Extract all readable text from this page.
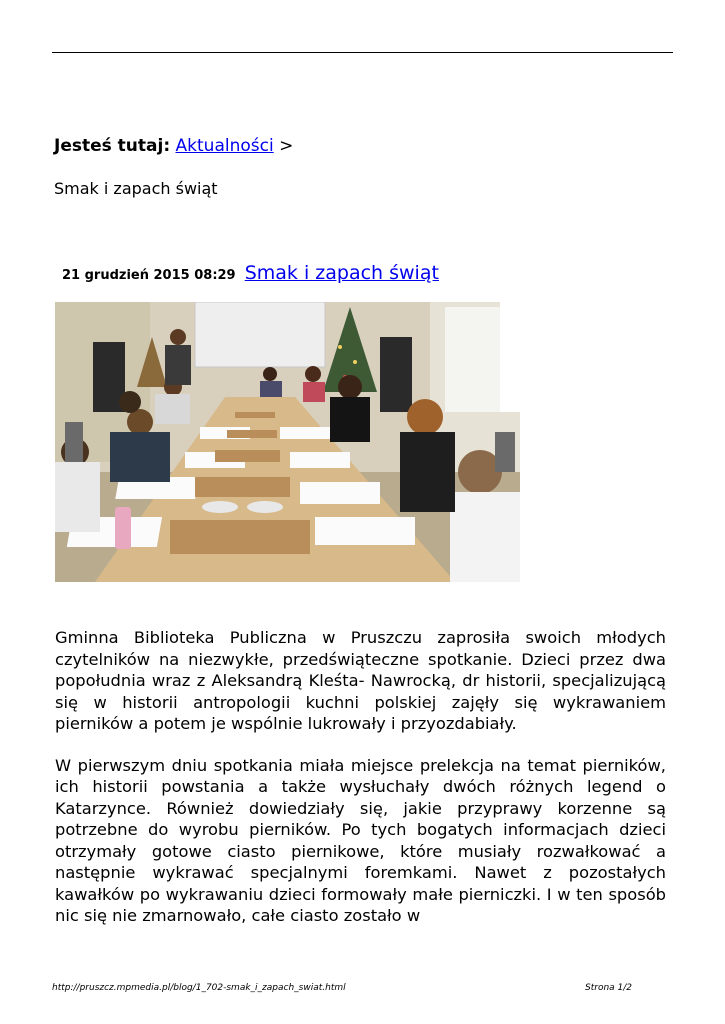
Jesteś tutaj: Aktualności >
Smak i zapach świąt
21 grudzień 2015 08:29 Smak i zapach świąt

Gminna Biblioteka Publiczna w Pruszczu zaprosiła swoich młodych czytelników na niezwykłe, przedświąteczne spotkanie. Dzieci przez dwa popołudnia wraz z Aleksandrą Kleśta- Nawrocką, dr historii, specjalizującą się w historii antropologii kuchni polskiej zajęły się wykrawaniem pierników a potem je wspólnie lukrowały i przyozdabiały.

W pierwszym dniu spotkania miała miejsce prelekcja na temat pierników, ich historii powstania a także wysłuchały dwóch różnych legend o Katarzynce. Również dowiedziały się, jakie przyprawy korzenne są potrzebne do wyrobu pierników. Po tych bogatych informacjach dzieci otrzymały gotowe ciasto piernikowe, które musiały rozwałkować a następnie wykrawać specjalnymi foremkami. Nawet z pozostałych kawałków po wykrawaniu dzieci formowały małe pierniczki. I w ten sposób nic się nie zmarnowało, całe ciasto zostało w

http://pruszcz.mpmedia.pl/blog/1_702-smak_i_zapach_swiat.html	Strona 1/2
